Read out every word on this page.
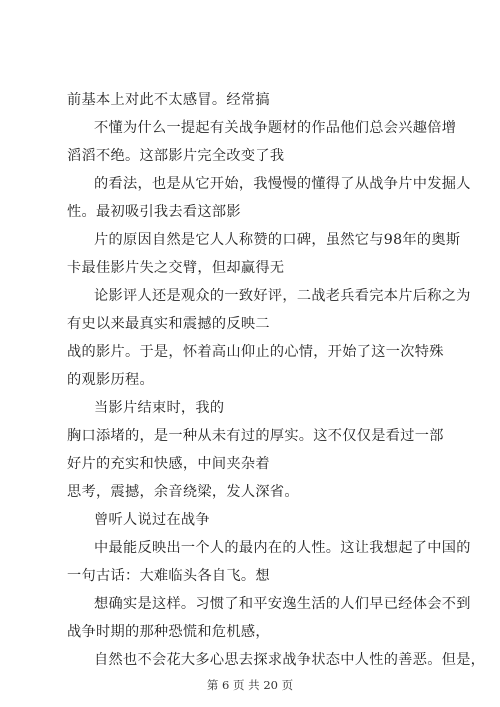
前基本上对此不太感冒。经常搞
不懂为什么一提起有关战争题材的作品他们总会兴趣倍增
滔滔不绝。这部影片完全改变了我
的看法，也是从它开始，我慢慢的懂得了从战争片中发掘人
性。最初吸引我去看这部影
片的原因自然是它人人称赞的口碑，虽然它与98年的奥斯
卡最佳影片失之交臂，但却赢得无
论影评人还是观众的一致好评，二战老兵看完本片后称之为
有史以来最真实和震撼的反映二
战的影片。于是，怀着高山仰止的心情，开始了这一次特殊
的观影历程。
当影片结束时，我的
胸口添堵的，是一种从未有过的厚实。这不仅仅是看过一部
好片的充实和快感，中间夹杂着
思考，震撼，余音绕梁，发人深省。
曾听人说过在战争
中最能反映出一个人的最内在的人性。这让我想起了中国的
一句古话：大难临头各自飞。想
想确实是这样。习惯了和平安逸生活的人们早已经体会不到
战争时期的那种恐慌和危机感，
自然也不会花大多心思去探求战争状态中人性的善恶。但是，
第 6 页 共 20 页
